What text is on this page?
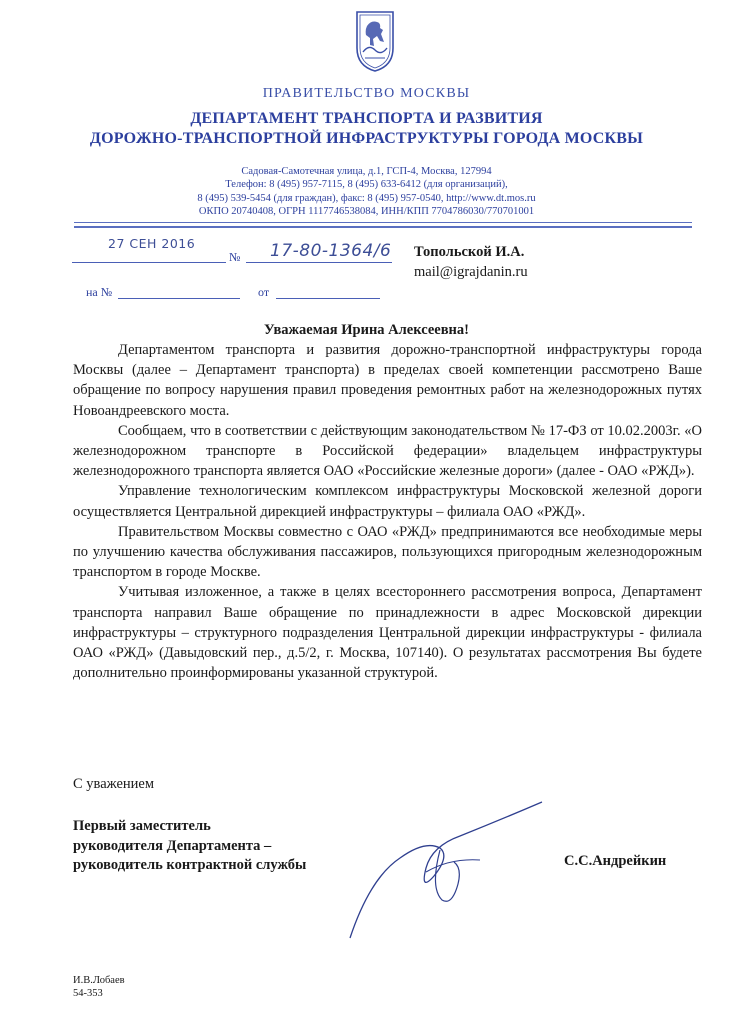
ПРАВИТЕЛЬСТВО МОСКВЫ
ДЕПАРТАМЕНТ ТРАНСПОРТА И РАЗВИТИЯ
ДОРОЖНО-ТРАНСПОРТНОЙ ИНФРАСТРУКТУРЫ ГОРОДА МОСКВЫ
Садовая-Самотечная улица, д.1, ГСП-4, Москва, 127994
Телефон: 8 (495) 957-7115, 8 (495) 633-6412 (для организаций),
8 (495) 539-5454 (для граждан), факс: 8 (495) 957-0540, http://www.dt.mos.ru
ОКПО 20740408, ОГРН 1117746538084, ИНН/КПП 7704786030/770701001
27 СЕН 2016
№ 17-80-1364/6
на №	от
Топольской И.А.
mail@igrajdanin.ru
Уважаемая Ирина Алексеевна!

Департаментом транспорта и развития дорожно-транспортной инфраструктуры города Москвы (далее – Департамент транспорта) в пределах своей компетенции рассмотрено Ваше обращение по вопросу нарушения правил проведения ремонтных работ на железнодорожных путях Новоандреевского моста.

Сообщаем, что в соответствии с действующим законодательством № 17-ФЗ от 10.02.2003г. «О железнодорожном транспорте в Российской федерации» владельцем инфраструктуры железнодорожного транспорта является ОАО «Российские железные дороги» (далее - ОАО «РЖД»).

Управление технологическим комплексом инфраструктуры Московской железной дороги осуществляется Центральной дирекцией инфраструктуры – филиала ОАО «РЖД».

Правительством Москвы совместно с ОАО «РЖД» предпринимаются все необходимые меры по улучшению качества обслуживания пассажиров, пользующихся пригородным железнодорожным транспортом в городе Москве.

Учитывая изложенное, а также в целях всестороннего рассмотрения вопроса, Департамент транспорта направил Ваше обращение по принадлежности в адрес Московской дирекции инфраструктуры – структурного подразделения Центральной дирекции инфраструктуры - филиала ОАО «РЖД» (Давыдовский пер., д.5/2, г. Москва, 107140). О результатах рассмотрения Вы будете дополнительно проинформированы указанной структурой.

С уважением
Первый заместитель
руководителя Департамента –
руководитель контрактной службы	С.С.Андрейкин
И.В.Лобаев
54-353
